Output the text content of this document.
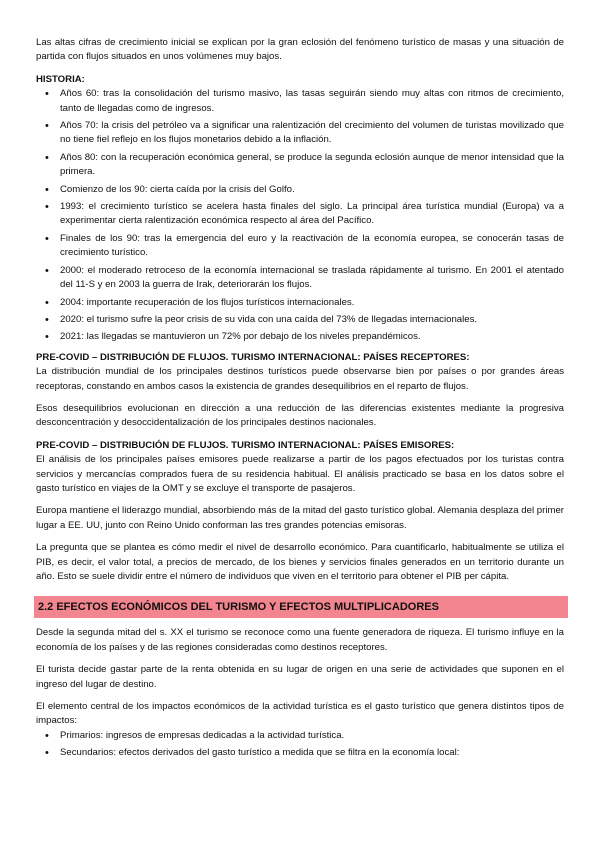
Las altas cifras de crecimiento inicial se explican por la gran eclosión del fenómeno turístico de masas y una situación de partida con flujos situados en unos volúmenes muy bajos.

HISTORIA:
• Años 60: tras la consolidación del turismo masivo, las tasas seguirán siendo muy altas con ritmos de crecimiento, tanto de llegadas como de ingresos.
• Años 70: la crisis del petróleo va a significar una ralentización del crecimiento del volumen de turistas movilizado que no tiene fiel reflejo en los flujos monetarios debido a la inflación.
• Años 80: con la recuperación económica general, se produce la segunda eclosión aunque de menor intensidad que la primera.
• Comienzo de los 90: cierta caída por la crisis del Golfo.
• 1993: el crecimiento turístico se acelera hasta finales del siglo. La principal área turística mundial (Europa) va a experimentar cierta ralentización económica respecto al área del Pacífico.
• Finales de los 90: tras la emergencia del euro y la reactivación de la economía europea, se conocerán tasas de crecimiento turístico.
• 2000: el moderado retroceso de la economía internacional se traslada rápidamente al turismo. En 2001 el atentado del 11-S y en 2003 la guerra de Irak, deteriorarán los flujos.
• 2004: importante recuperación de los flujos turísticos internacionales.
• 2020: el turismo sufre la peor crisis de su vida con una caída del 73% de llegadas internacionales.
• 2021: las llegadas se mantuvieron un 72% por debajo de los niveles prepandémicos.
PRE-COVID – DISTRIBUCIÓN DE FLUJOS. TURISMO INTERNACIONAL: PAÍSES RECEPTORES:

La distribución mundial de los principales destinos turísticos puede observarse bien por países o por grandes áreas receptoras, constando en ambos casos la existencia de grandes desequilibrios en el reparto de flujos.

Esos desequilibrios evolucionan en dirección a una reducción de las diferencias existentes mediante la progresiva desconcentración y desoccidentalización de los principales destinos nacionales.

PRE-COVID – DISTRIBUCIÓN DE FLUJOS. TURISMO INTERNACIONAL: PAÍSES EMISORES:

El análisis de los principales países emisores puede realizarse a partir de los pagos efectuados por los turistas contra servicios y mercancías comprados fuera de su residencia habitual. El análisis practicado se basa en los datos sobre el gasto turístico en viajes de la OMT y se excluye el transporte de pasajeros.

Europa mantiene el liderazgo mundial, absorbiendo más de la mitad del gasto turístico global. Alemania desplaza del primer lugar a EE. UU, junto con Reino Unido conforman las tres grandes potencias emisoras.

La pregunta que se plantea es cómo medir el nivel de desarrollo económico. Para cuantificarlo, habitualmente se utiliza el PIB, es decir, el valor total, a precios de mercado, de los bienes y servicios finales generados en un territorio durante un año. Esto se suele dividir entre el número de individuos que viven en el territorio para obtener el PIB per cápita.

2.2 EFECTOS ECONÓMICOS DEL TURISMO Y EFECTOS MULTIPLICADORES

Desde la segunda mitad del s. XX el turismo se reconoce como una fuente generadora de riqueza. El turismo influye en la economía de los países y de las regiones consideradas como destinos receptores.

El turista decide gastar parte de la renta obtenida en su lugar de origen en una serie de actividades que suponen en el ingreso del lugar de destino.

El elemento central de los impactos económicos de la actividad turística es el gasto turístico que genera distintos tipos de impactos:

• Primarios: ingresos de empresas dedicadas a la actividad turística.
• Secundarios: efectos derivados del gasto turístico a medida que se filtra en la economía local:
